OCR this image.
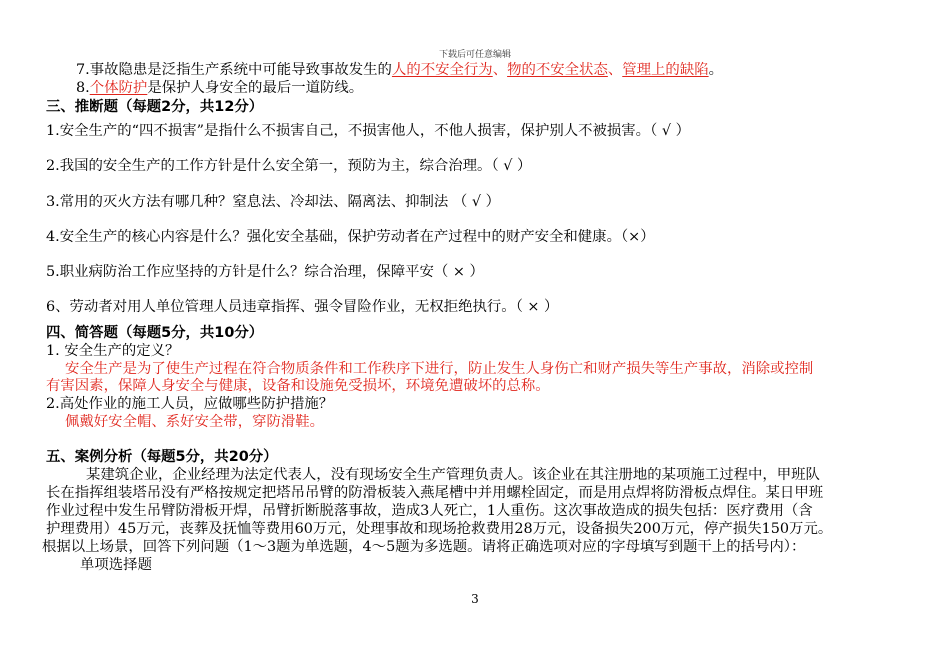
下载后可任意编辑
7.事故隐患是泛指生产系统中可能导致事故发生的人的不安全行为、物的不安全状态、管理上的缺陷。
8.个体防护是保护人身安全的最后一道防线。
三、推断题（每题2分，共12分）
1.安全生产的“四不损害”是指什么不损害自己，不损害他人，不他人损害，保护别人不被损害。（ √ ）
2.我国的安全生产的工作方针是什么安全第一，预防为主，综合治理。（ √ ）
3.常用的灭火方法有哪几种？窒息法、冷却法、隔离法、抑制法 （ √ ）
4.安全生产的核心内容是什么？强化安全基础，保护劳动者在产过程中的财产安全和健康。（×）
5.职业病防治工作应坚持的方针是什么？综合治理，保障平安（ × ）
6、劳动者对用人单位管理人员违章指挥、强令冒险作业，无权拒绝执行。（ × ）
四、简答题（每题5分，共10分）
1. 安全生产的定义？
安全生产是为了使生产过程在符合物质条件和工作秩序下进行，防止发生人身伤亡和财产损失等生产事故，消除或控制
有害因素，保障人身安全与健康，设备和设施免受损坏，环境免遭破坏的总称。
2.高处作业的施工人员，应做哪些防护措施？
佩戴好安全帽、系好安全带，穿防滑鞋。
五、案例分析（每题5分，共20分）
某建筑企业，企业经理为法定代表人，没有现场安全生产管理负责人。该企业在其注册地的某项施工过程中，甲班队
长在指挥组装塔吊没有严格按规定把塔吊吊臂的防滑板装入燕尾槽中并用螺栓固定，而是用点焊将防滑板点焊住。某日甲班
作业过程中发生吊臂防滑板开焊，吊臂折断脱落事故，造成3人死亡，1人重伤。这次事故造成的损失包括：医疗费用（含
护理费用）45万元，丧葬及抚恤等费用60万元，处理事故和现场抢救费用28万元，设备损失200万元，停产损失150万元。
根据以上场景，回答下列问题（1～3题为单选题，4～5题为多选题。请将正确选项对应的字母填写到题干上的括号内）：
单项选择题
3
